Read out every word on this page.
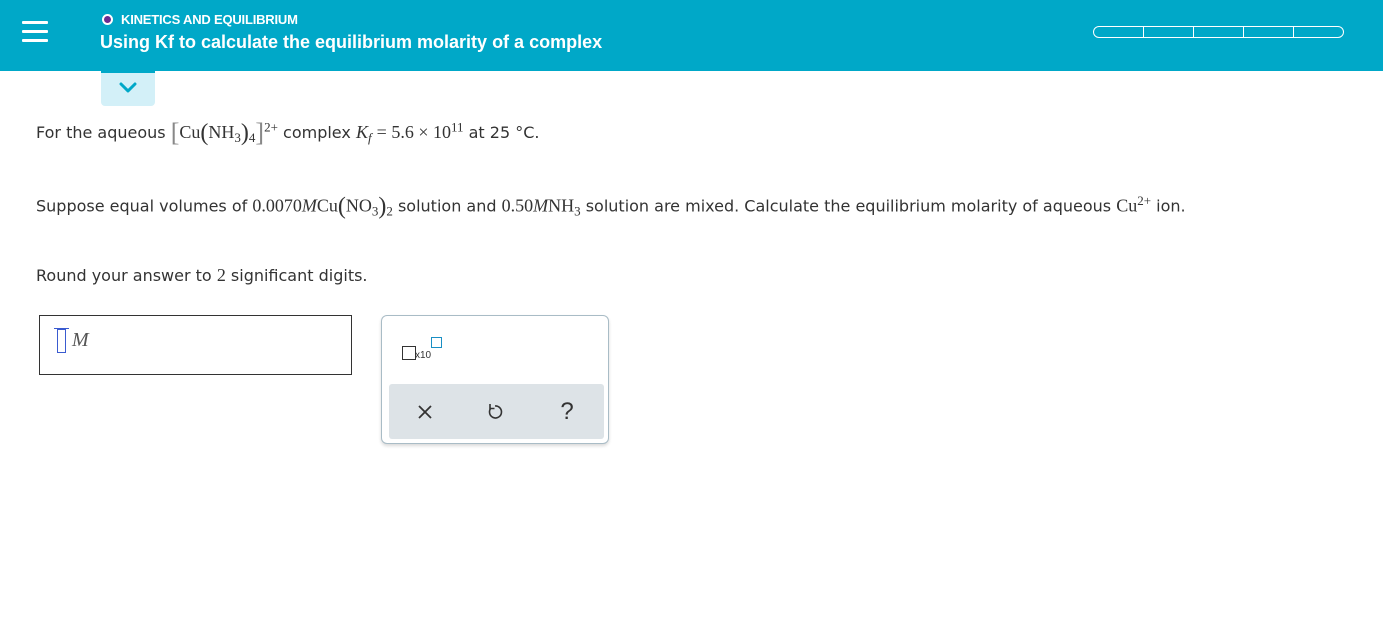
KINETICS AND EQUILIBRIUM
Using Kf to calculate the equilibrium molarity of a complex
For the aqueous $[Cu(NH_3)_4]^{2+}$ complex $K_f = 5.6 \times 10^{11}$ at 25 °C.
Suppose equal volumes of $0.0070MCu(NO_3)_2$ solution and $0.50MNH_3$ solution are mixed. Calculate the equilibrium molarity of aqueous $Cu^{2+}$ ion.
Round your answer to 2 significant digits.
M
x10
?
